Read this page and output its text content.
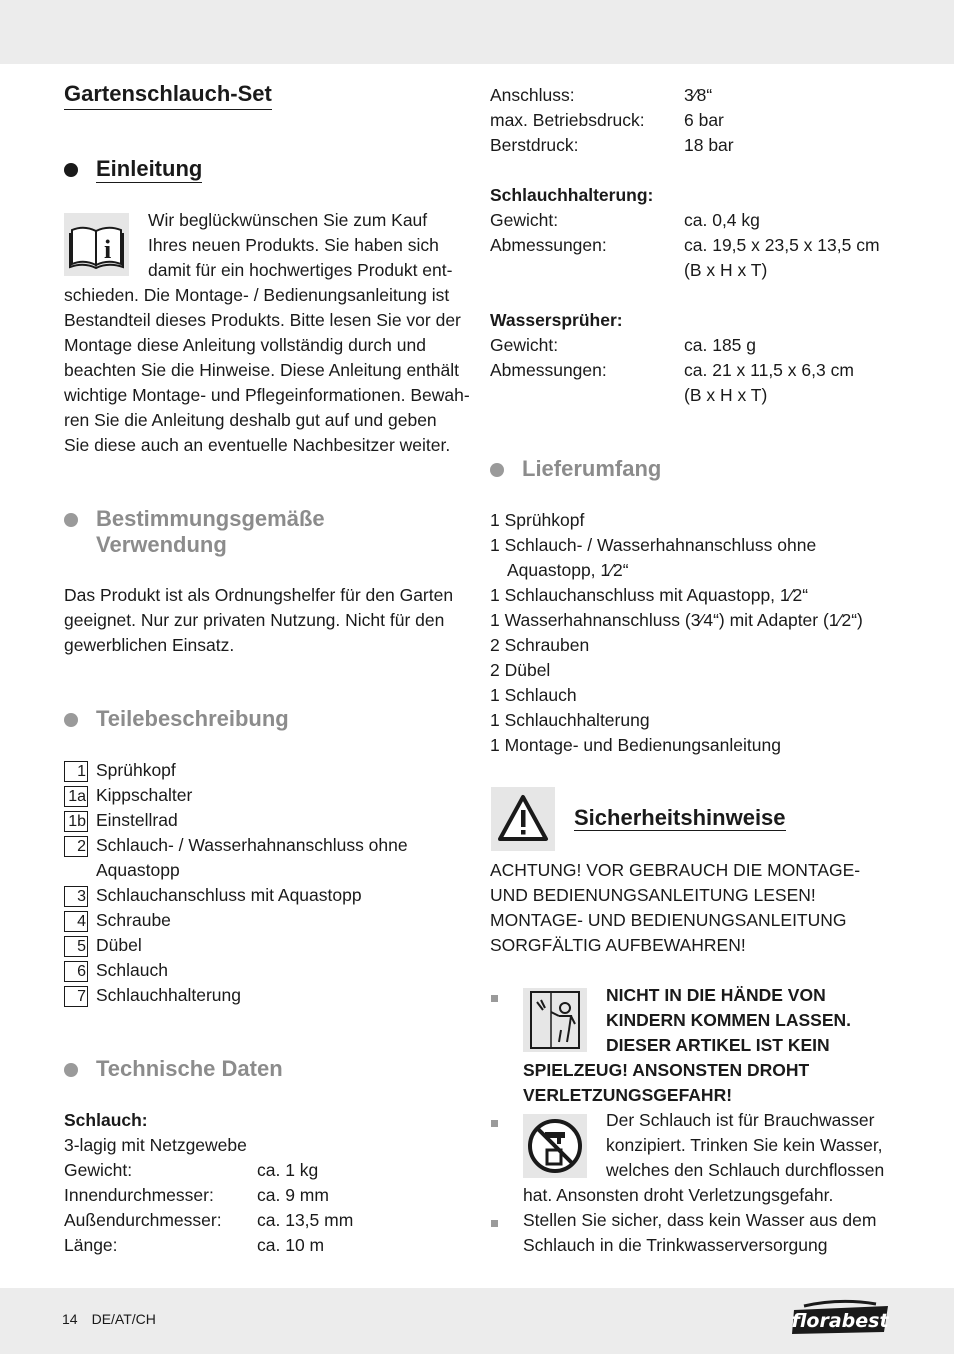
Gartenschlauch-Set
Einleitung
i
Wir beglückwünschen Sie zum Kauf
Ihres neuen Produkts. Sie haben sich
damit für ein hochwertiges Produkt ent-
schieden. Die Montage- / Bedienungsanleitung ist
Bestandteil dieses Produkts. Bitte lesen Sie vor der
Montage diese Anleitung vollständig durch und
beachten Sie die Hinweise. Diese Anleitung enthält
wichtige Montage- und Pflegeinformationen. Bewah-
ren Sie die Anleitung deshalb gut auf und geben
Sie diese auch an eventuelle Nachbesitzer weiter.
Bestimmungsgemäße
Verwendung
Das Produkt ist als Ordnungshelfer für den Garten
geeignet. Nur zur privaten Nutzung. Nicht für den
gewerblichen Einsatz.
Teilebeschreibung
1 Sprühkopf
1a Kippschalter
1b Einstellrad
2 Schlauch- / Wasserhahnanschluss ohne
Aquastopp
3 Schlauchanschluss mit Aquastopp
4 Schraube
5 Dübel
6 Schlauch
7 Schlauchhalterung
Technische Daten
Schlauch:
3-lagig mit Netzgewebe
Gewicht:	ca. 1 kg
Innendurchmesser: ca. 9 mm
Außendurchmesser: ca. 13,5 mm
Länge:	ca. 10 m
Anschluss:	3⁄8“
max. Betriebsdruck: 6 bar
Berstdruck:	18 bar
Schlauchhalterung:
Gewicht:	ca. 0,4 kg
Abmessungen:	ca. 19,5 x 23,5 x 13,5 cm
(B x H x T)
Wassersprüher:
Gewicht:	ca. 185 g
Abmessungen:	ca. 21 x 11,5 x 6,3 cm
(B x H x T)
Lieferumfang
1 Sprühkopf
1 Schlauch- / Wasserhahnanschluss ohne
Aquastopp, 1⁄2“
1 Schlauchanschluss mit Aquastopp, 1⁄2“
1 Wasserhahnanschluss (3⁄4“) mit Adapter (1⁄2“)
2 Schrauben
2 Dübel
1 Schlauch
1 Schlauchhalterung
1 Montage- und Bedienungsanleitung
Sicherheitshinweise
ACHTUNG! VOR GEBRAUCH DIE MONTAGE-
UND BEDIENUNGSANLEITUNG LESEN!
MONTAGE- UND BEDIENUNGSANLEITUNG
SORGFÄLTIG AUFBEWAHREN!
NICHT IN DIE HÄNDE VON
KINDERN KOMMEN LASSEN.
DIESER ARTIKEL IST KEIN
SPIELZEUG! ANSONSTEN DROHT
VERLETZUNGSGEFAHR!
Der Schlauch ist für Brauchwasser
konzipiert. Trinken Sie kein Wasser,
welches den Schlauch durchflossen
hat. Ansonsten droht Verletzungsgefahr.
Stellen Sie sicher, dass kein Wasser aus dem
Schlauch in die Trinkwasserversorgung
14 DE/AT/CH	florabest
